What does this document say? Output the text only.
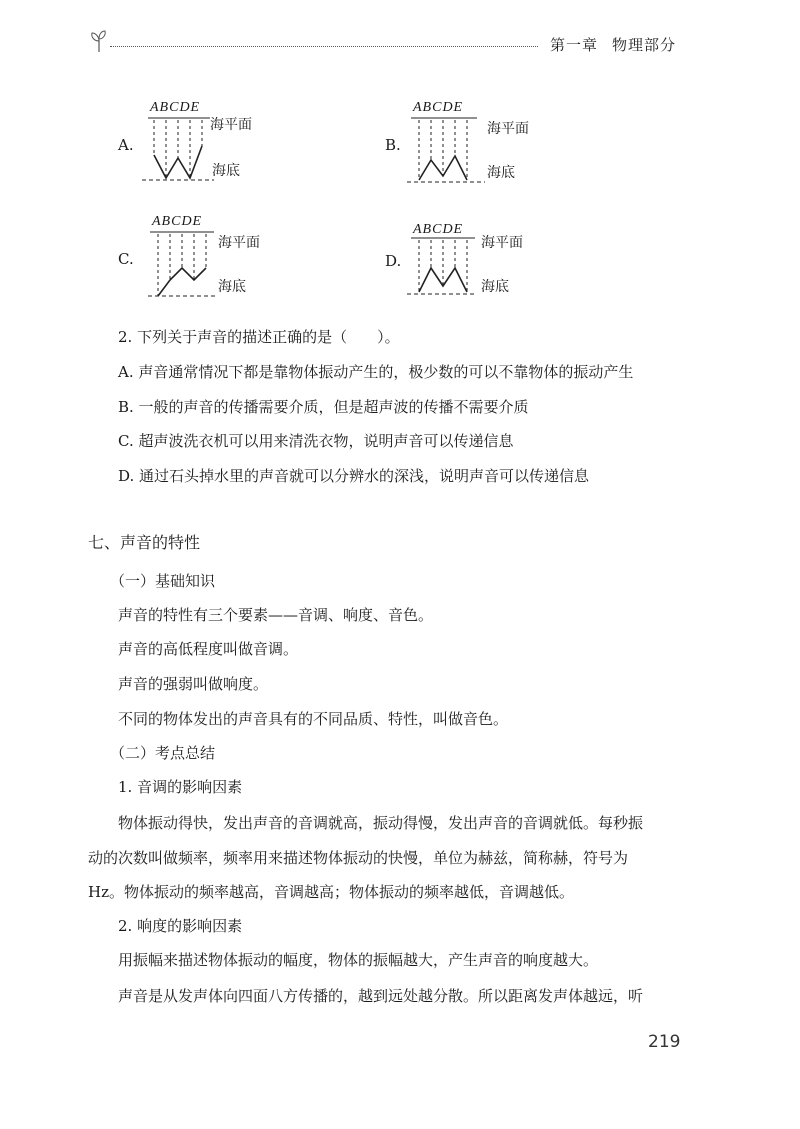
第一章 物理部分
A.
ABCDE
海平面
海底
B.
ABCDE
海平面
海底
C.
ABCDE
海平面
海底
D.
ABCDE
海平面
海底
2. 下列关于声音的描述正确的是（　　）。
A. 声音通常情况下都是靠物体振动产生的，极少数的可以不靠物体的振动产生
B. 一般的声音的传播需要介质，但是超声波的传播不需要介质
C. 超声波洗衣机可以用来清洗衣物，说明声音可以传递信息
D. 通过石头掉水里的声音就可以分辨水的深浅，说明声音可以传递信息
七、声音的特性
（一）基础知识
声音的特性有三个要素——音调、响度、音色。
声音的高低程度叫做音调。
声音的强弱叫做响度。
不同的物体发出的声音具有的不同品质、特性，叫做音色。
（二）考点总结
1. 音调的影响因素
物体振动得快，发出声音的音调就高，振动得慢，发出声音的音调就低。每秒振
动的次数叫做频率，频率用来描述物体振动的快慢，单位为赫兹，简称赫，符号为
Hz。物体振动的频率越高，音调越高；物体振动的频率越低，音调越低。
2. 响度的影响因素
用振幅来描述物体振动的幅度，物体的振幅越大，产生声音的响度越大。
声音是从发声体向四面八方传播的，越到远处越分散。所以距离发声体越远，听
219
